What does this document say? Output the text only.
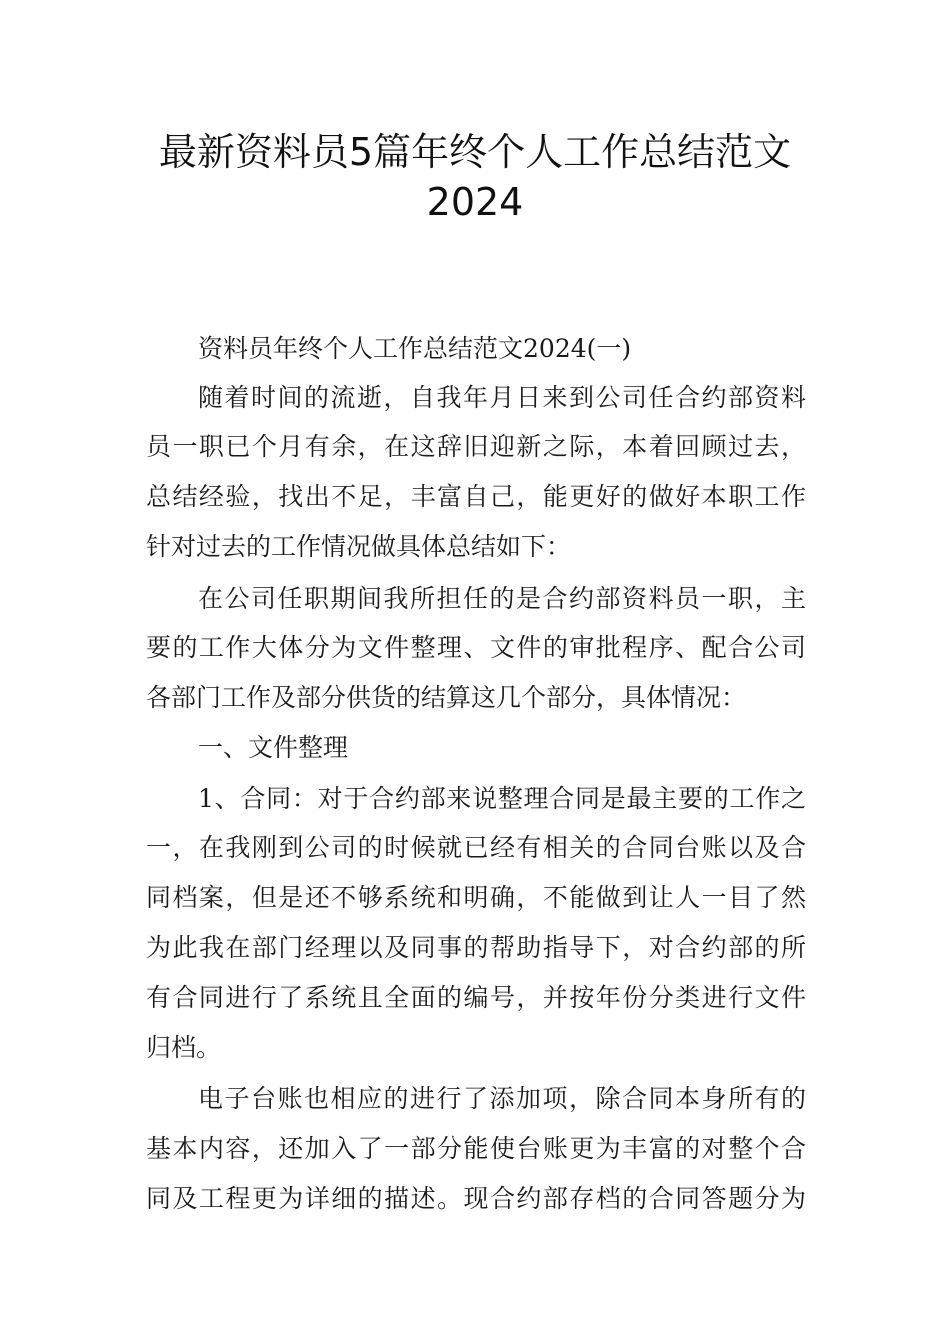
最新资料员5篇年终个人工作总结范文
2024
资料员年终个人工作总结范文2024(一)
随着时间的流逝，自我年月日来到公司任合约部资料
员一职已个月有余，在这辞旧迎新之际，本着回顾过去，
总结经验，找出不足，丰富自己，能更好的做好本职工作
针对过去的工作情况做具体总结如下：
在公司任职期间我所担任的是合约部资料员一职，主
要的工作大体分为文件整理、文件的审批程序、配合公司
各部门工作及部分供货的结算这几个部分，具体情况：
一、文件整理
1、合同：对于合约部来说整理合同是最主要的工作之
一，在我刚到公司的时候就已经有相关的合同台账以及合
同档案，但是还不够系统和明确，不能做到让人一目了然
为此我在部门经理以及同事的帮助指导下，对合约部的所
有合同进行了系统且全面的编号，并按年份分类进行文件
归档。
电子台账也相应的进行了添加项，除合同本身所有的
基本内容，还加入了一部分能使台账更为丰富的对整个合
同及工程更为详细的描述。现合约部存档的合同答题分为
